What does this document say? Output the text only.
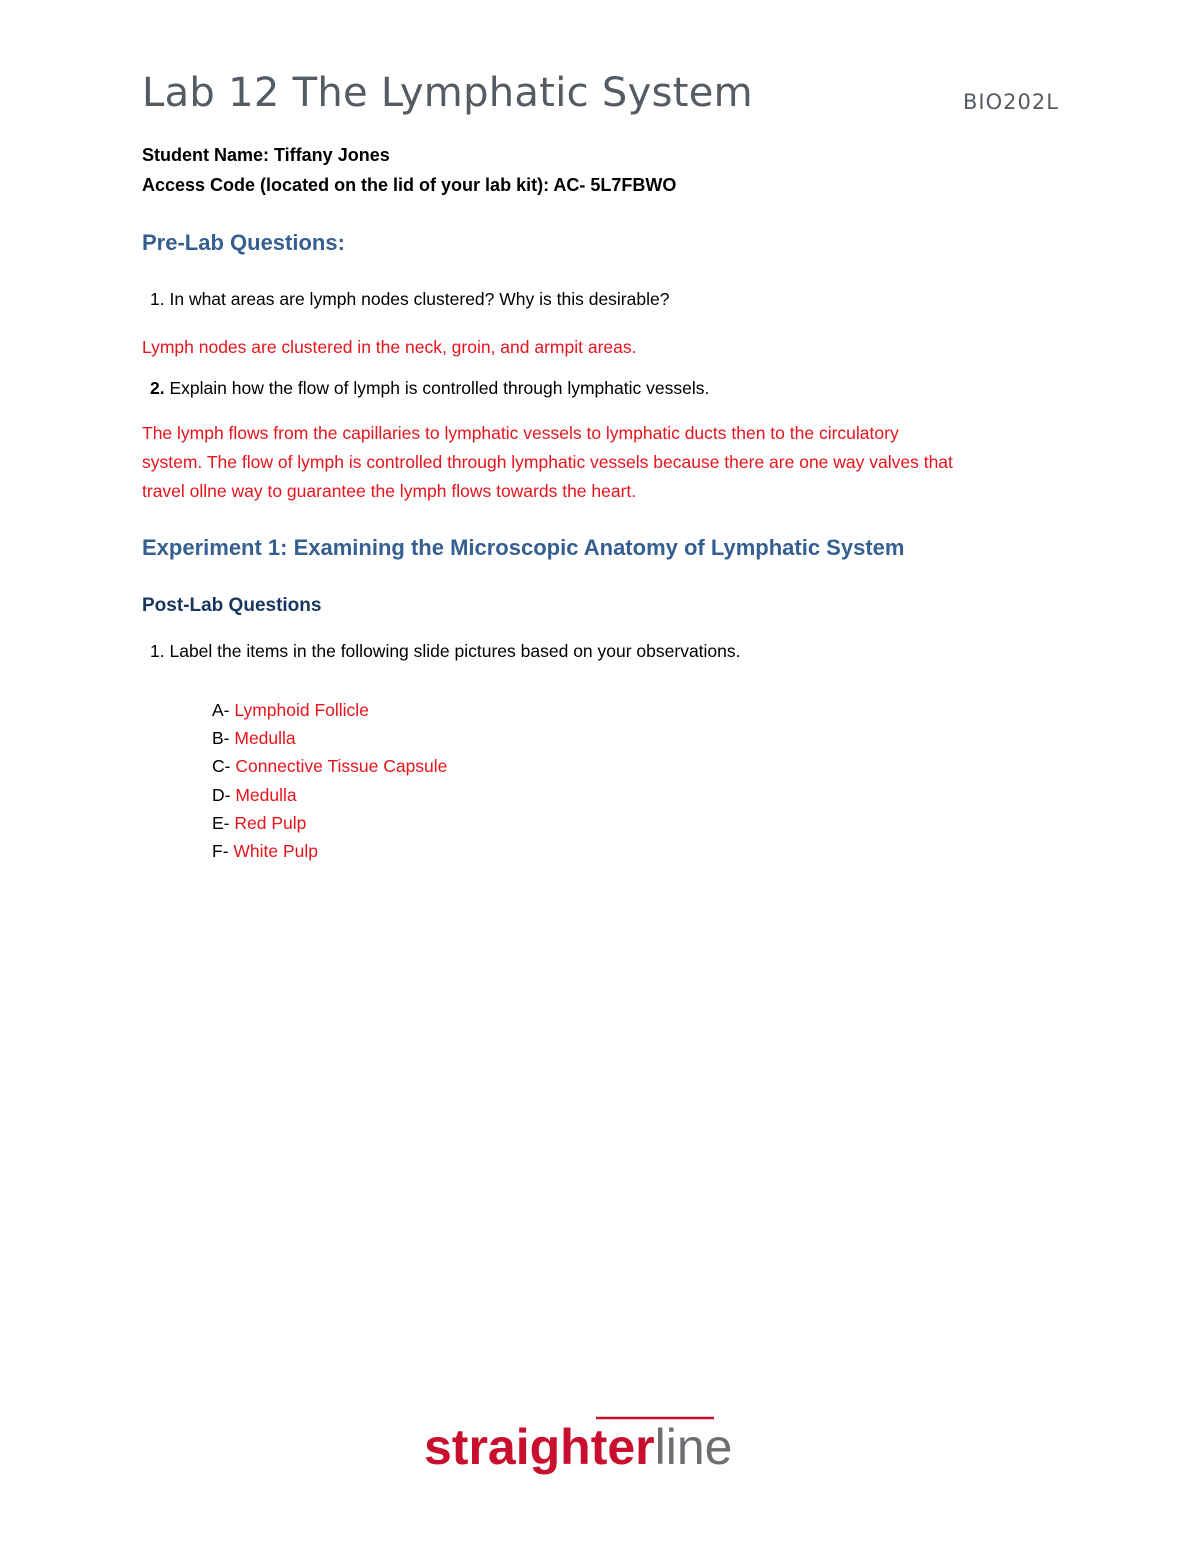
Lab 12 The Lymphatic System	BIO202L
Student Name: Tiffany Jones
Access Code (located on the lid of your lab kit): AC- 5L7FBWO
Pre-Lab Questions:
1. In what areas are lymph nodes clustered? Why is this desirable?
Lymph nodes are clustered in the neck, groin, and armpit areas.
2. Explain how the flow of lymph is controlled through lymphatic vessels.
The lymph flows from the capillaries to lymphatic vessels to lymphatic ducts then to the circulatory
system. The flow of lymph is controlled through lymphatic vessels because there are one way valves that
travel ollne way to guarantee the lymph flows towards the heart.
Experiment 1: Examining the Microscopic Anatomy of Lymphatic System
Post-Lab Questions
1. Label the items in the following slide pictures based on your observations.
A- Lymphoid Follicle
B- Medulla
C- Connective Tissue Capsule
D- Medulla
E- Red Pulp
F- White Pulp
straighterline
